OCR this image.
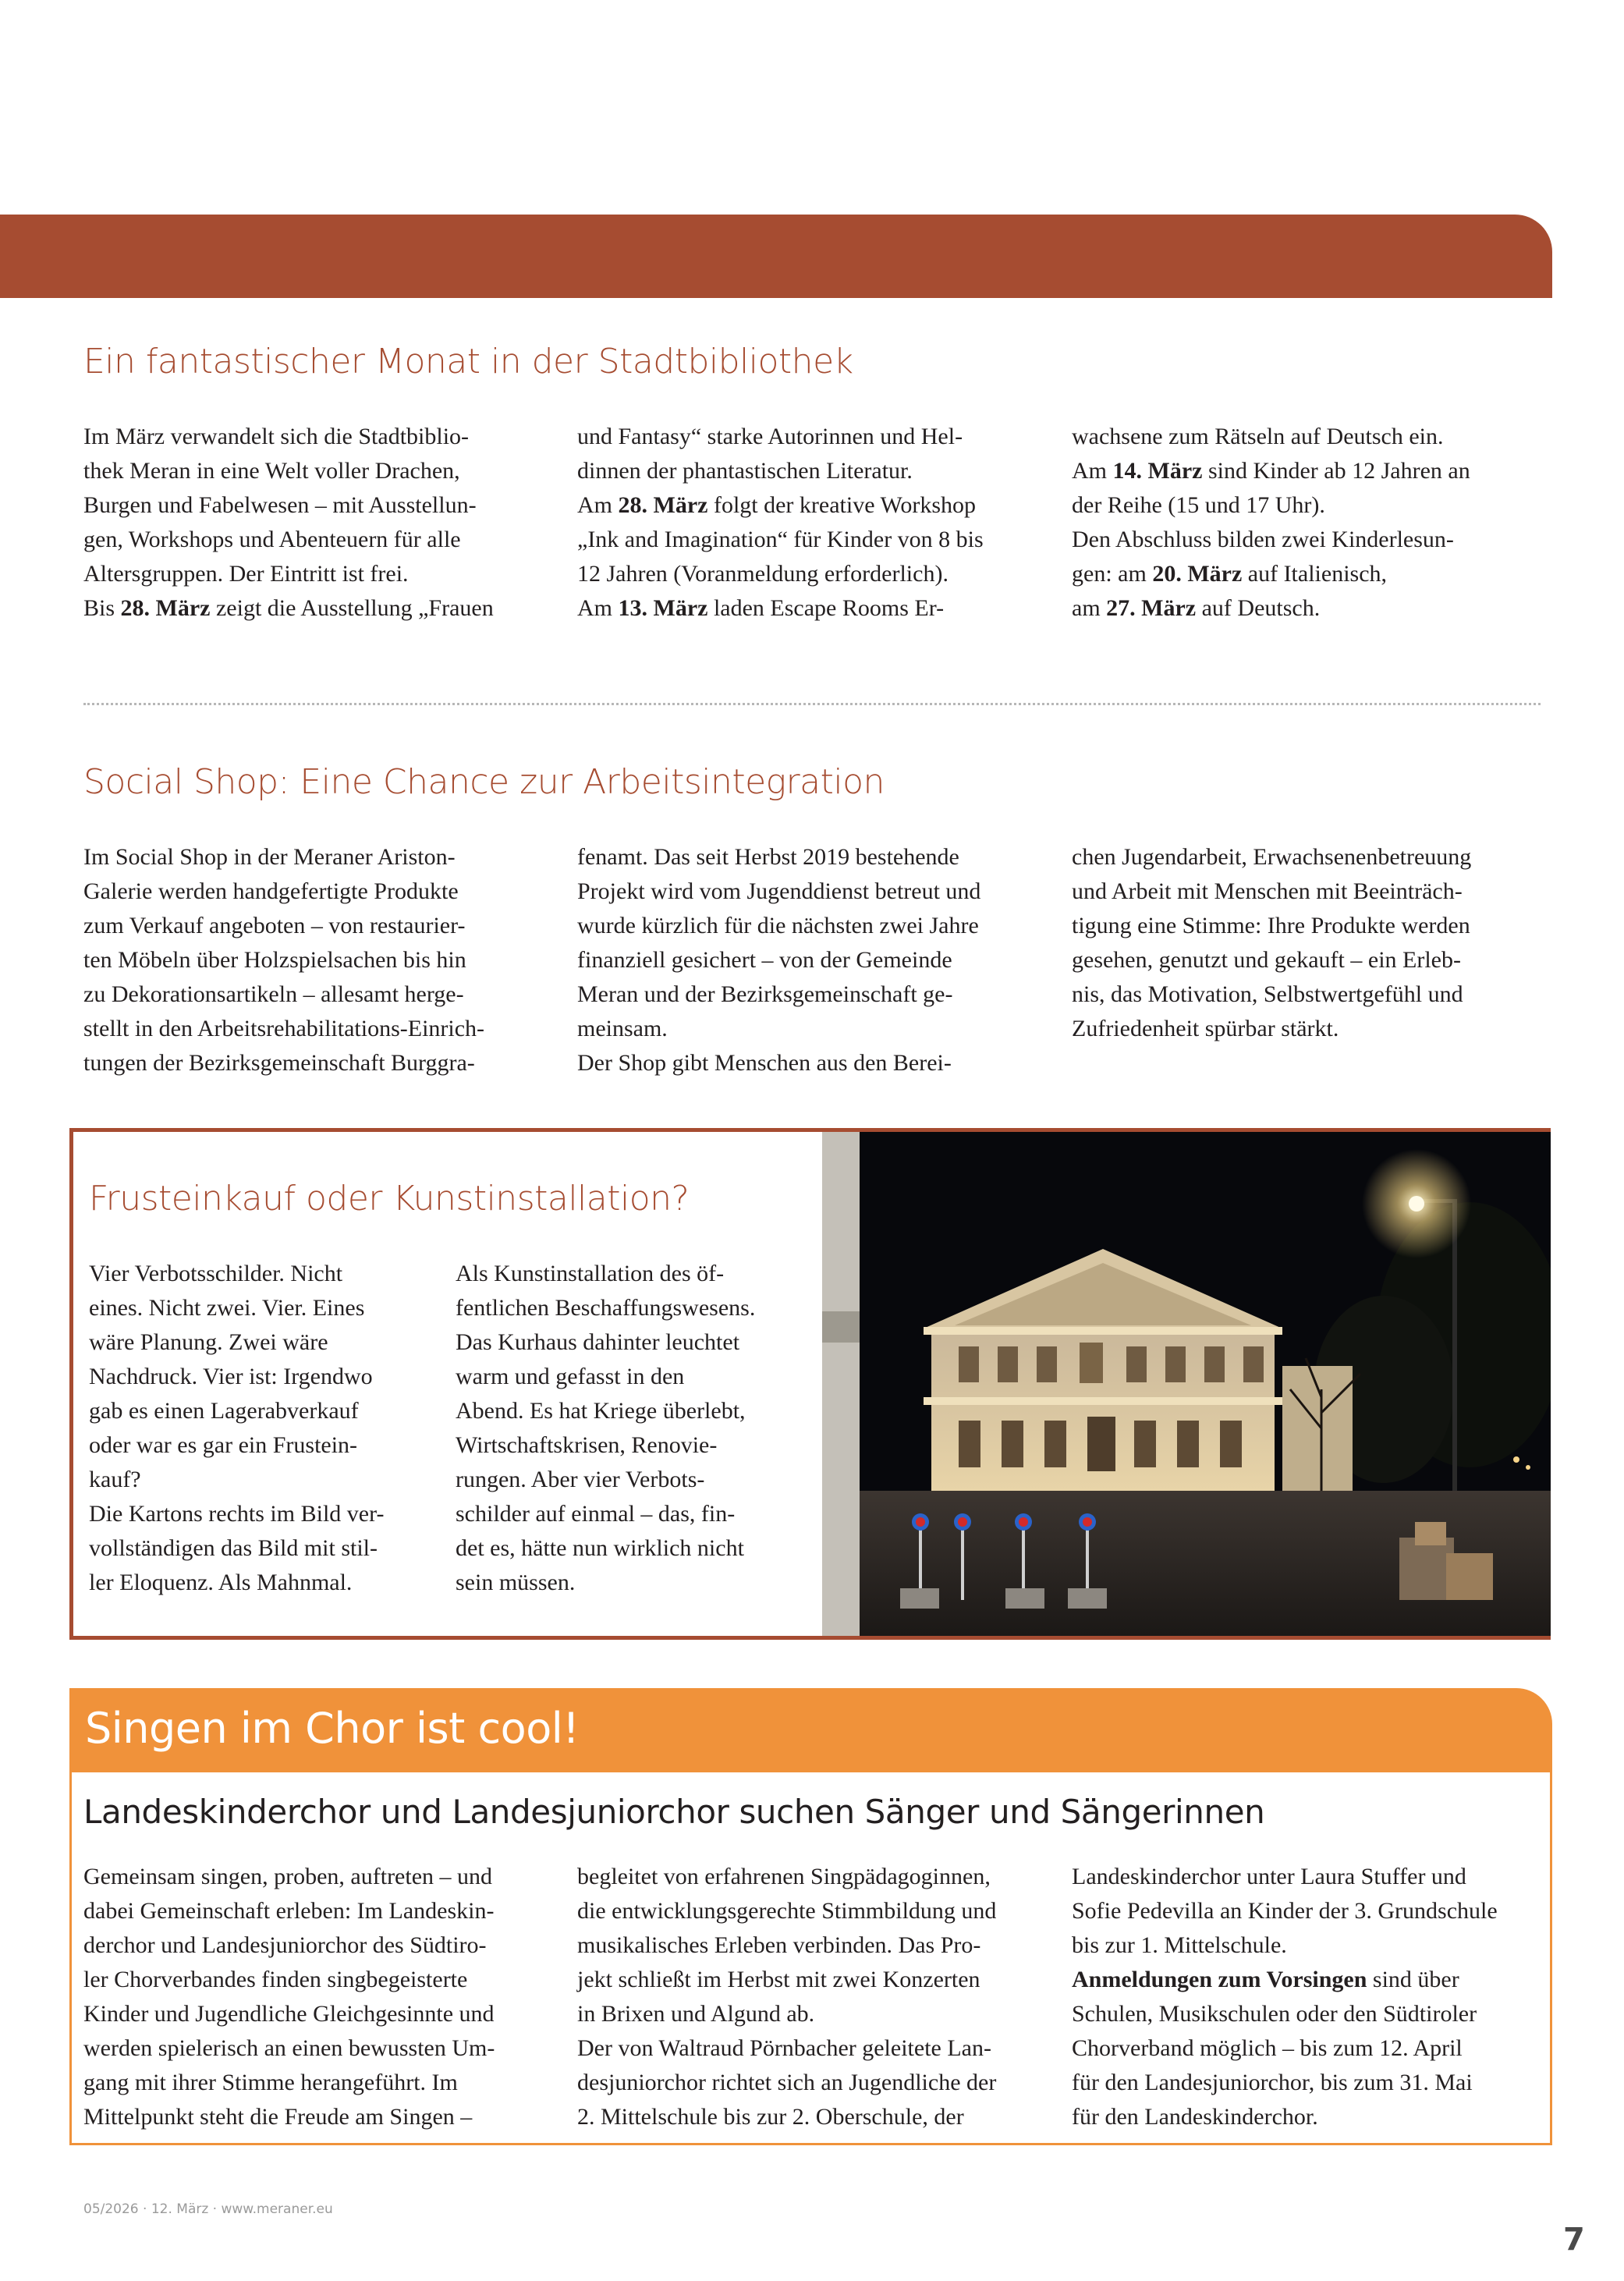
Ein fantastischer Monat in der Stadtbibliothek

Im März verwandelt sich die Stadtbiblio-

thek Meran in eine Welt voller Drachen,

Burgen und Fabelwesen – mit Ausstellun-

gen, Workshops und Abenteuern für alle

Altersgruppen. Der Eintritt ist frei.

Bis 28. März zeigt die Ausstellung „Frauen

und Fantasy“ starke Autorinnen und Hel-

dinnen der phantastischen Literatur.

Am 28. März folgt der kreative Workshop

„Ink and Imagination“ für Kinder von 8 bis

12 Jahren (Voranmeldung erforderlich).

Am 13. März laden Escape Rooms Er-

wachsene zum Rätseln auf Deutsch ein.

Am 14. März sind Kinder ab 12 Jahren an

der Reihe (15 und 17 Uhr).

Den Abschluss bilden zwei Kinderlesun-

gen: am 20. März auf Italienisch,

am 27. März auf Deutsch.

Social Shop: Eine Chance zur Arbeitsintegration

Im Social Shop in der Meraner Ariston-

Galerie werden handgefertigte Produkte

zum Verkauf angeboten – von restaurier-

ten Möbeln über Holzspielsachen bis hin

zu Dekorationsartikeln – allesamt herge-

stellt in den Arbeitsrehabilitations-Einrich-

tungen der Bezirksgemeinschaft Burggra-

fenamt. Das seit Herbst 2019 bestehende

Projekt wird vom Jugenddienst betreut und

wurde kürzlich für die nächsten zwei Jahre

finanziell gesichert – von der Gemeinde

Meran und der Bezirksgemeinschaft ge-

meinsam.

Der Shop gibt Menschen aus den Berei-

chen Jugendarbeit, Erwachsenenbetreuung

und Arbeit mit Menschen mit Beeinträch-

tigung eine Stimme: Ihre Produkte werden

gesehen, genutzt und gekauft – ein Erleb-

nis, das Motivation, Selbstwertgefühl und

Zufriedenheit spürbar stärkt.

Frusteinkauf oder Kunstinstallation?

Vier Verbotsschilder. Nicht

eines. Nicht zwei. Vier. Eines

wäre Planung. Zwei wäre

Nachdruck. Vier ist: Irgendwo

gab es einen Lagerabverkauf

oder war es gar ein Frustein-

kauf?

Die Kartons rechts im Bild ver-

vollständigen das Bild mit stil-

ler Eloquenz. Als Mahnmal.

Als Kunstinstallation des öf-

fentlichen Beschaffungswesens.

Das Kurhaus dahinter leuchtet

warm und gefasst in den

Abend. Es hat Kriege überlebt,

Wirtschaftskrisen, Renovie-

rungen. Aber vier Verbots-

schilder auf einmal – das, fin-

det es, hätte nun wirklich nicht

sein müssen.

Singen im Chor ist cool!
Landeskinderchor und Landesjuniorchor suchen Sänger und Sängerinnen

Gemeinsam singen, proben, auftreten – und

dabei Gemeinschaft erleben: Im Landeskin-

derchor und Landesjuniorchor des Südtiro-

ler Chorverbandes finden singbegeisterte

Kinder und Jugendliche Gleichgesinnte und

werden spielerisch an einen bewussten Um-

gang mit ihrer Stimme herangeführt. Im

Mittelpunkt steht die Freude am Singen –

begleitet von erfahrenen Singpädagoginnen,

die entwicklungsgerechte Stimmbildung und

musikalisches Erleben verbinden. Das Pro-

jekt schließt im Herbst mit zwei Konzerten

in Brixen und Algund ab.

Der von Waltraud Pörnbacher geleitete Lan-

desjuniorchor richtet sich an Jugendliche der

2. Mittelschule bis zur 2. Oberschule, der

Landeskinderchor unter Laura Stuffer und

Sofie Pedevilla an Kinder der 3. Grundschule

bis zur 1. Mittelschule.

Anmeldungen zum Vorsingen sind über

Schulen, Musikschulen oder den Südtiroler

Chorverband möglich – bis zum 12. April

für den Landesjuniorchor, bis zum 31. Mai

für den Landeskinderchor.

05/2026 · 12. März · www.meraner.eu
7
